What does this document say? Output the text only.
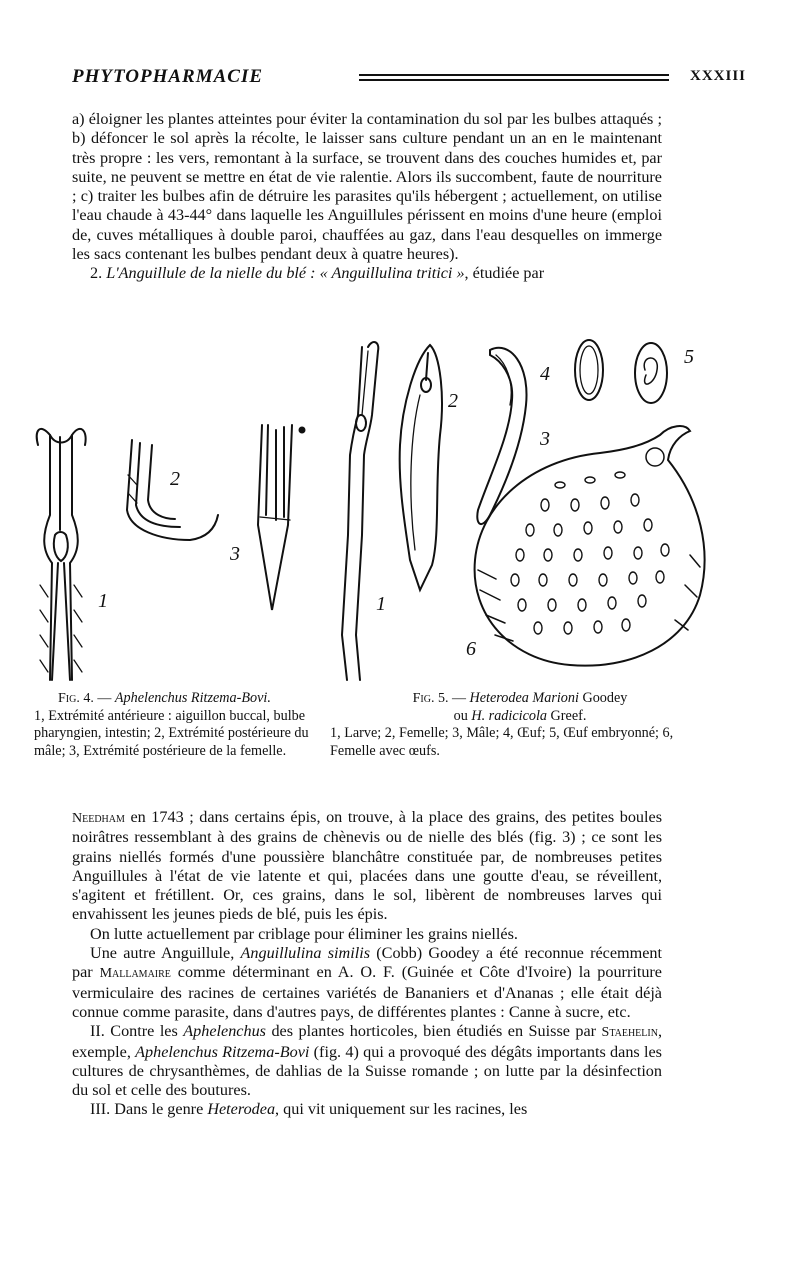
PHYTOPHARMACIE	XXXIII

a) éloigner les plantes atteintes pour éviter la contamination du sol par les bulbes attaqués ; b) défoncer le sol après la récolte, le laisser sans culture pendant un an en le maintenant très propre : les vers, remontant à la surface, se trouvent dans des couches humides et, par suite, ne peuvent se mettre en état de vie ralentie. Alors ils succombent, faute de nourriture ; c) traiter les bulbes afin de détruire les parasites qu'ils hébergent ; actuellement, on utilise l'eau chaude à 43-44° dans laquelle les Anguillules périssent en moins d'une heure (emploi de, cuves métalliques à double paroi, chauffées au gaz, dans l'eau desquelles on immerge les sacs contenant les bulbes pendant deux à quatre heures).

2. L'Anguillule de la nielle du blé : « Anguillulina tritici », étudiée par

1
2
3
1
2
3
4
5
6
Fig. 4. — Aphelenchus Ritzema-Bovi.

1, Extrémité antérieure : aiguillon buccal, bulbe pharyngien, intestin; 2, Extrémité postérieure du mâle; 3, Extrémité postérieure de la femelle.

Fig. 5. — Heterodea Marioni Goodey
ou H. radicicola Greef.

1, Larve; 2, Femelle; 3, Mâle; 4, Œuf; 5, Œuf embryonné; 6, Femelle avec œufs.

Needham en 1743 ; dans certains épis, on trouve, à la place des grains, des petites boules noirâtres ressemblant à des grains de chènevis ou de nielle des blés (fig. 3) ; ce sont les grains niellés formés d'une poussière blanchâtre constituée par, de nombreuses petites Anguillules à l'état de vie latente et qui, placées dans une goutte d'eau, se réveillent, s'agitent et frétillent. Or, ces grains, dans le sol, libèrent de nombreuses larves qui envahissent les jeunes pieds de blé, puis les épis.

On lutte actuellement par criblage pour éliminer les grains niellés.

Une autre Anguillule, Anguillulina similis (Cobb) Goodey a été reconnue récemment par Mallamaire comme déterminant en A. O. F. (Guinée et Côte d'Ivoire) la pourriture vermiculaire des racines de certaines variétés de Bananiers et d'Ananas ; elle était déjà connue comme parasite, dans d'autres pays, de différentes plantes : Canne à sucre, etc.

II. Contre les Aphelenchus des plantes horticoles, bien étudiés en Suisse par Staehelin, exemple, Aphelenchus Ritzema-Bovi (fig. 4) qui a provoqué des dégâts importants dans les cultures de chrysanthèmes, de dahlias de la Suisse romande ; on lutte par la désinfection du sol et celle des boutures.

III. Dans le genre Heterodea, qui vit uniquement sur les racines, les
